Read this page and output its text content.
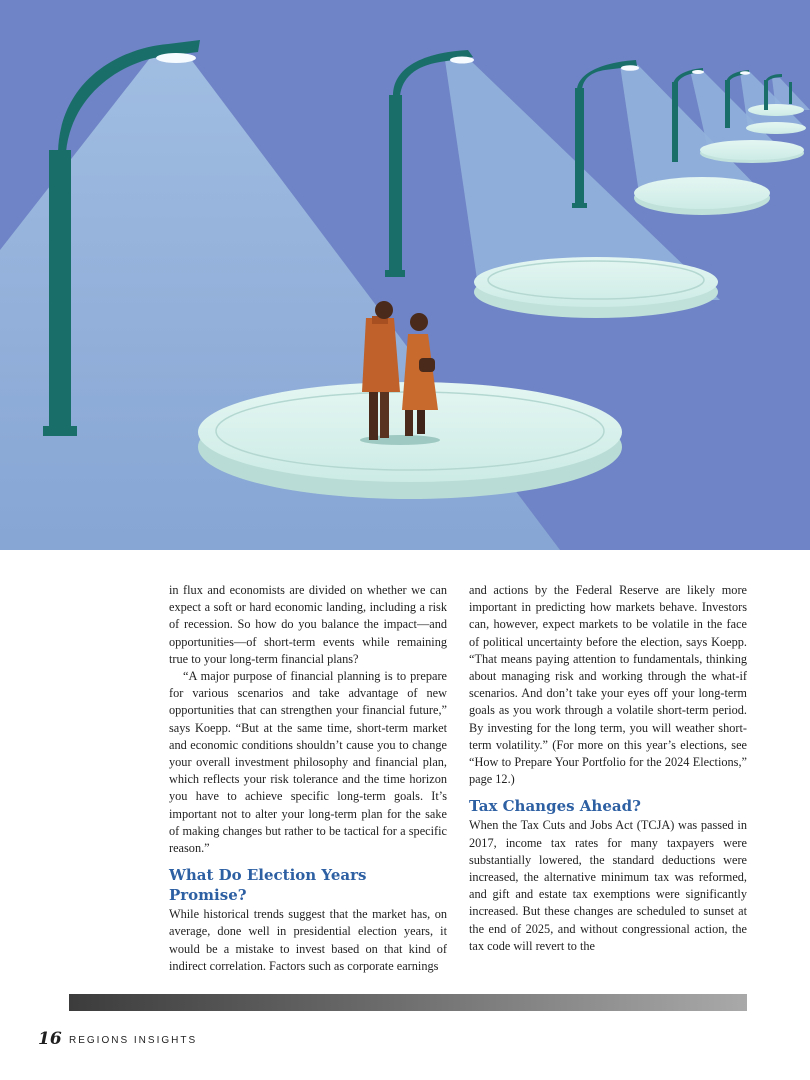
in flux and economists are divided on whether we can expect a soft or hard economic landing, including a risk of recession. So how do you balance the impact—and opportunities—of short-term events while remaining true to your long-term financial plans?

“A major purpose of financial planning is to prepare for various scenarios and take advantage of new opportunities that can strengthen your financial future,” says Koepp. “But at the same time, short-term market and economic conditions shouldn’t cause you to change your overall investment philosophy and financial plan, which reflects your risk tolerance and the time horizon you have to achieve specific long-term goals. It’s important not to alter your long-term plan for the sake of making changes but rather to be tactical for a specific reason.”

What Do Election Years Promise?

While historical trends suggest that the market has, on average, done well in presidential election years, it would be a mistake to invest based on that kind of indirect correlation. Factors such as corporate earnings

and actions by the Federal Reserve are likely more important in predicting how markets behave. Investors can, however, expect markets to be volatile in the face of political uncertainty before the election, says Koepp. “That means paying attention to fundamentals, thinking about managing risk and working through the what-if scenarios. And don’t take your eyes off your long-term goals as you work through a volatile short-term period. By investing for the long term, you will weather short-term volatility.” (For more on this year’s elections, see “How to Prepare Your Portfolio for the 2024 Elections,” page 12.)

Tax Changes Ahead?

When the Tax Cuts and Jobs Act (TCJA) was passed in 2017, income tax rates for many taxpayers were substantially lowered, the standard deductions were increased, the alternative minimum tax was reformed, and gift and estate tax exemptions were significantly increased. But these changes are scheduled to sunset at the end of 2025, and without congressional action, the tax code will revert to the

16 REGIONS INSIGHTS
